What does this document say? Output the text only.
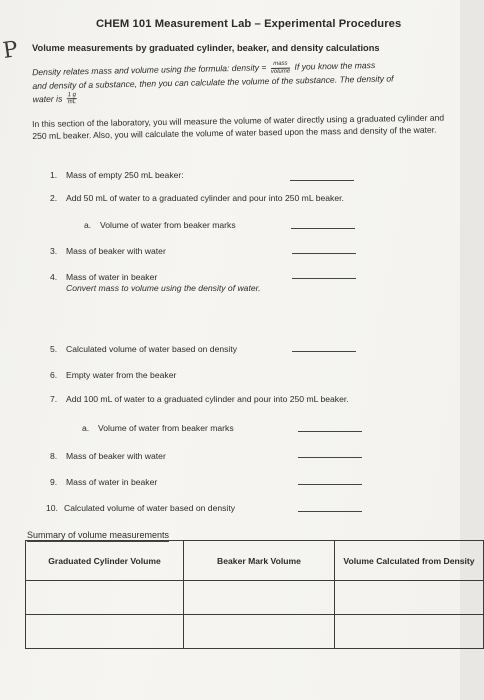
P
CHEM 101 Measurement Lab – Experimental Procedures
Volume measurements by graduated cylinder, beaker, and density calculations
Density relates mass and volume using the formula: density = $\frac{\text{mass}}{\text{volume}}$ If you know the mass
and density of a substance, then you can calculate the volume of the substance. The density of
water is $\frac{1 g}{mL}$
In this section of the laboratory, you will measure the volume of water directly using a graduated cylinder and 250 mL beaker. Also, you will calculate the volume of water based upon the mass and density of the water.
1. Mass of empty 250 mL beaker:
2. Add 50 mL of water to a graduated cylinder and pour into 250 mL beaker.
a. Volume of water from beaker marks
3. Mass of beaker with water
4. Mass of water in beaker
Convert mass to volume using the density of water.
5. Calculated volume of water based on density
6. Empty water from the beaker
7. Add 100 mL of water to a graduated cylinder and pour into 250 mL beaker.
a. Volume of water from beaker marks
8. Mass of beaker with water
9. Mass of water in beaker
10. Calculated volume of water based on density
Summary of volume measurements
Graduated Cylinder Volume	Beaker Mark Volume	Volume Calculated from Density
